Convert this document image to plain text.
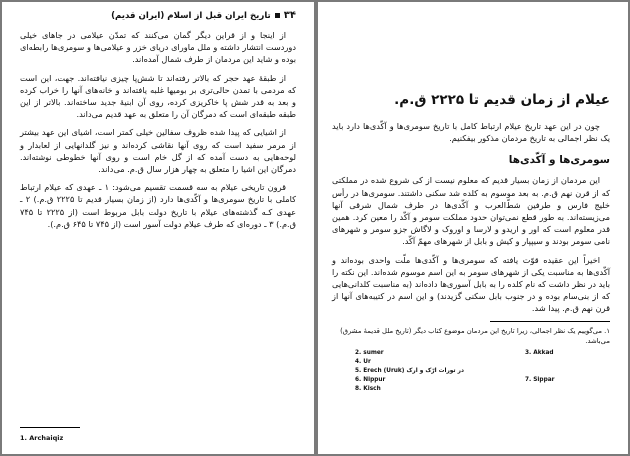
۳۴
تاریخ ایران قبل از اسلام (ایران قدیم)

از اینجا و از قراین دیگر گمان می‌کنند که تمدّن عیلامی در جاهای خیلی دوردست انتشار داشته و ملل ماورای دریای خزر و عیلامی‌ها و سومری‌ها رابطه‌ای بوده و شاید این مردمان از طرف شمال آمده‌اند.

از طبقهٔ عهد حجر که بالاتر رفته‌اند تا شش‌پا چیزی نیافته‌اند. جهت، این است که مردمی با تمدن حالی‌تری بر بومیها غلبه یافته‌اند و خانه‌های آنها را خراب کرده و بعد به قدر شش پا خاکریزی کرده، روی آن ابنیهٔ جدید ساخته‌اند. بالاتر از این طبقه طبقه‌ای است که دمرگان آن را متعلق به عهد قدیم می‌داند.

از اشیایی که پیدا شده ظروف سفالین خیلی کمتر است، اشیای این عهد بیشتر از مرمر سفید است که روی آنها نقاشی کرده‌اند و نیز گلدانهایی از لعابدار و لوحه‌هایی به دست آمده که از گل خام است و روی آنها خطوطی نوشته‌اند. دمرگان این اشیا را متعلق به چهار هزار سال ق.م. می‌داند.

قرون تاریخی عیلام به سه قسمت تقسیم می‌شود: ۱ ـ عهدی که عیلام ارتباط کاملی با تاریخ سومری‌ها و آکّدی‌ها دارد (از زمان بسیار قدیم تا ۲۲۲۵ ق.م.) ۲ ـ عهدی کـه گذشته‌های عیلام با تاریخ دولت بابل مربوط است (از ۲۲۲۵ تا ۷۴۵ ق.م.) ۳ ـ دوره‌ای که طرف عیلام دولت آسور است (از ۷۴۵ تا ۶۴۵ ق.م.).

1. Archaiqiz
عیلام از زمان قدیم تا ۲۲۲۵ ق.م.

چون در این عهد تاریخ عیلام ارتباط کامل با تاریخ سومری‌ها و آکّدی‌ها دارد باید یک نظر اجمالی به تاریخ مردمان مذکور بیفکنیم.

سومری‌ها و آکّدی‌ها

این مردمان از زمان بسیار قدیم که معلوم نیست از کی شروع شده در مملکتی که از قرن نهم ق.م. به بعد موسوم به کلده شد سکنی داشتند. سومری‌ها در رأس خلیج فارس و طرفین شطّ‌العرب و آکّدی‌ها در طرف شمال شرقی آنها می‌زیسته‌اند. به طور قطع نمی‌توان حدود مملکت سومر و آکّد را معین کرد. همین قدر معلوم است که اور و اریدو و لارسا و اوروک و لاگاش جزو سومر و شهرهای نامی سومر بودند و سیپپار و کیش و بابل از شهرهای مهمّ آکّد.

اخیراً این عقیده قوّت یافته که سومری‌ها و آکّدی‌ها ملّت واحدی بوده‌اند و آکّدی‌ها به مناسبت یکی از شهرهای سومر به این اسم موسوم شده‌اند. این نکته را باید در نظر داشت که نام کلده را به بابل آسوری‌ها داده‌اند (به مناسبت کلدانی‌هایی که از بنی‌سام بوده و در جنوب بابل سکنی گزیدند) و این اسم در کتیبه‌های آنها از قرن نهم ق.م. پیدا شد.

۱. می‌گوییم یک نظر اجمالی، زیرا تاریخ این مردمان موضوع کتاب دیگر (تاریخ ملل قدیمهٔ مشرق) می‌باشد.

2. sumer	3. Akkad
4. Ur
5. Erech (Uruk) در تورات ارّک و ارک
6. Nippur	7. Sippar
8. Kisch
